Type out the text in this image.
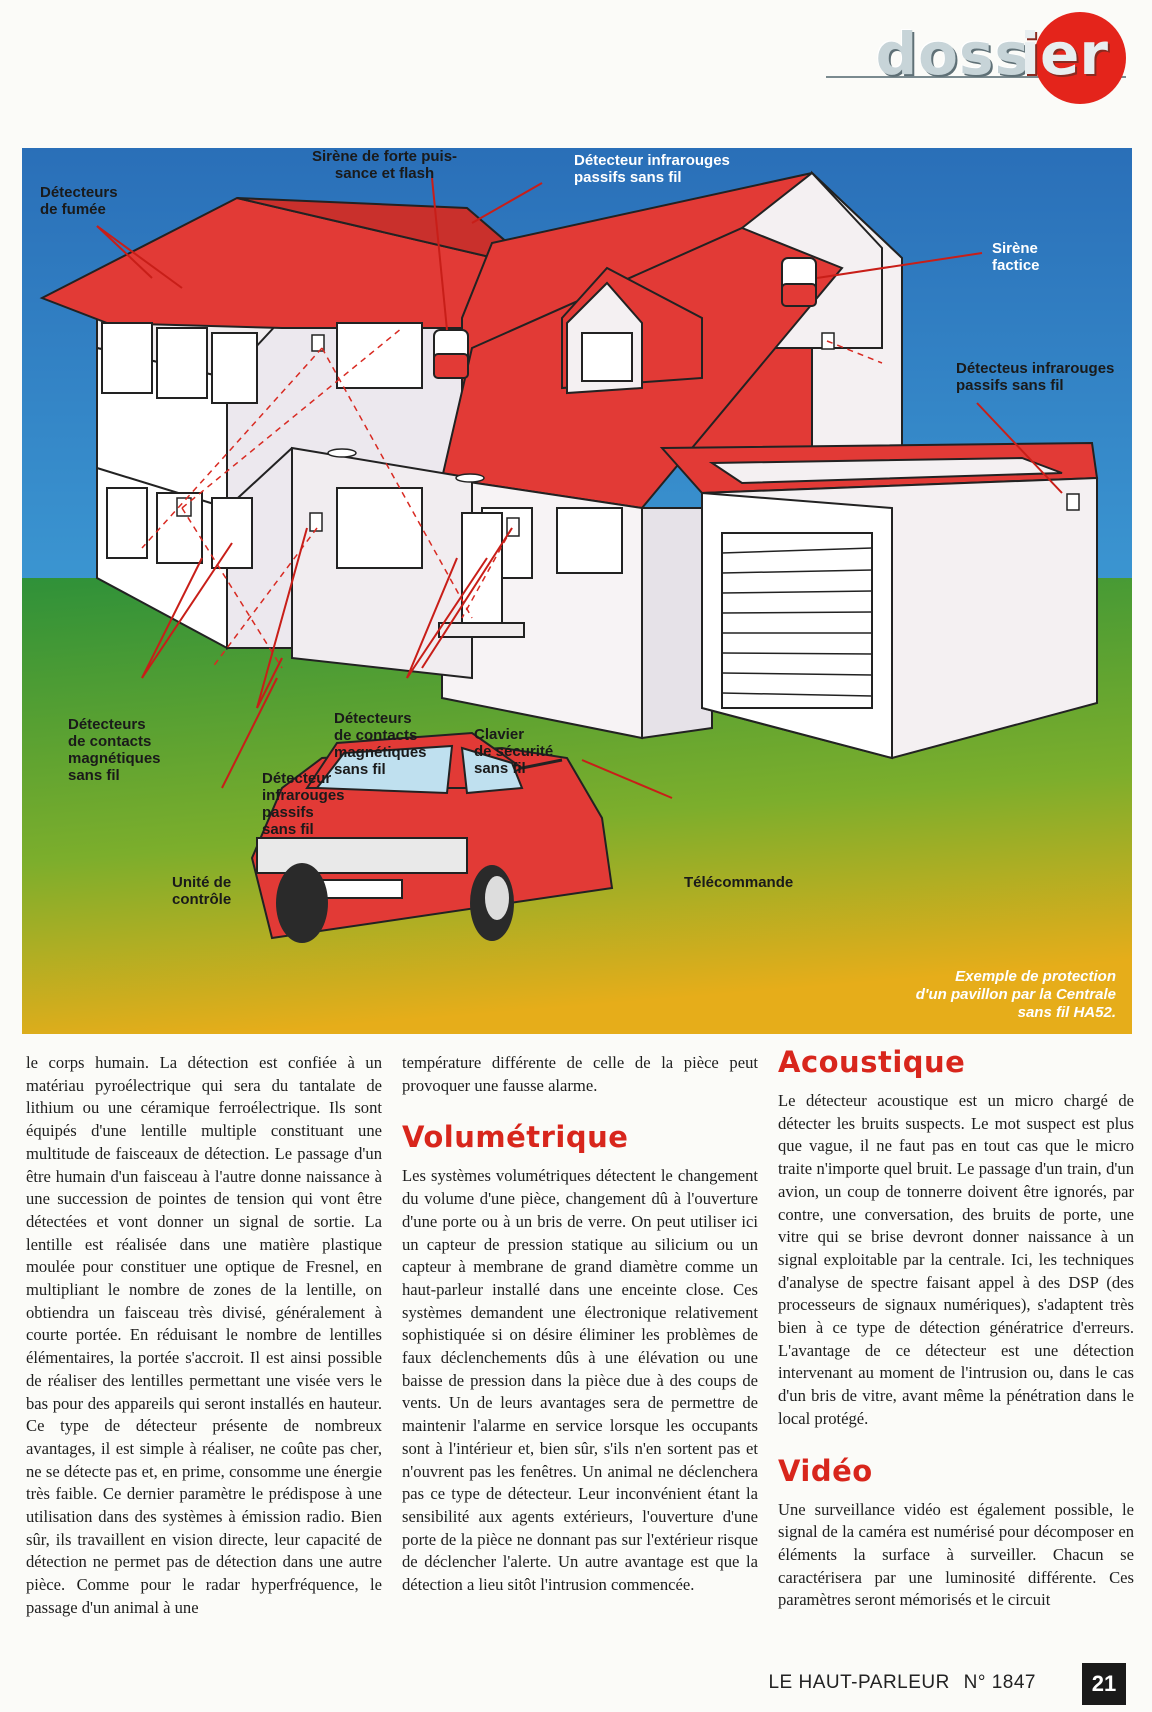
doss
ier
Détecteurs
de fumée
Sirène de forte puis-
sance et flash
Détecteur infrarouges
passifs sans fil
Sirène
factice
Détecteus infrarouges
passifs sans fil
Détecteurs
de contacts
magnétiques
sans fil
Détecteurs
de contacts
magnétiques
sans fil
Détecteur
infrarouges
passifs
sans fil
Clavier
de sécurité
sans fil
Unité de
contrôle
Télécommande
Exemple de protection
d'un pavillon par la Centrale
sans fil HA52.

le corps humain. La détection est confiée à un matériau pyroélectrique qui sera du tantalate de lithium ou une céramique ferroélectrique. Ils sont équipés d'une lentille multiple constituant une multitude de faisceaux de détection. Le passage d'un être humain d'un faisceau à l'autre donne naissance à une succession de pointes de tension qui vont être détectées et vont donner un signal de sortie. La lentille est réalisée dans une matière plastique moulée pour constituer une optique de Fresnel, en multipliant le nombre de zones de la lentille, on obtiendra un faisceau très divisé, généralement à courte portée. En réduisant le nombre de lentilles élémentaires, la portée s'accroit. Il est ainsi possible de réaliser des lentilles permettant une visée vers le bas pour des appareils qui seront installés en hauteur. Ce type de détecteur présente de nombreux avantages, il est simple à réaliser, ne coûte pas cher, ne se détecte pas et, en prime, consomme une énergie très faible. Ce dernier paramètre le prédispose à une utilisation dans des systèmes à émission radio. Bien sûr, ils travaillent en vision directe, leur capacité de détection ne permet pas de détection dans une autre pièce. Comme pour le radar hyperfréquence, le passage d'un animal à une

température différente de celle de la pièce peut provoquer une fausse alarme.

Volumétrique

Les systèmes volumétriques détectent le changement du volume d'une pièce, changement dû à l'ouverture d'une porte ou à un bris de verre. On peut utiliser ici un capteur de pression statique au silicium ou un capteur à membrane de grand diamètre comme un haut-parleur installé dans une enceinte close. Ces systèmes demandent une électronique relativement sophistiquée si on désire éliminer les problèmes de faux déclenchements dûs à une élévation ou une baisse de pression dans la pièce due à des coups de vents. Un de leurs avantages sera de permettre de maintenir l'alarme en service lorsque les occupants sont à l'intérieur et, bien sûr, s'ils n'en sortent pas et n'ouvrent pas les fenêtres. Un animal ne déclenchera pas ce type de détecteur. Leur inconvénient étant la sensibilité aux agents extérieurs, l'ouverture d'une porte de la pièce ne donnant pas sur l'extérieur risque de déclencher l'alerte. Un autre avantage est que la détection a lieu sitôt l'intrusion commencée.

Acoustique

Le détecteur acoustique est un micro chargé de détecter les bruits suspects. Le mot suspect est plus que vague, il ne faut pas en tout cas que le micro traite n'importe quel bruit. Le passage d'un train, d'un avion, un coup de tonnerre doivent être ignorés, par contre, une conversation, des bruits de porte, une vitre qui se brise devront donner naissance à un signal exploitable par la centrale. Ici, les techniques d'analyse de spectre faisant appel à des DSP (des processeurs de signaux numériques), s'adaptent très bien à ce type de détection génératrice d'erreurs. L'avantage de ce détecteur est une détection intervenant au moment de l'intrusion ou, dans le cas d'un bris de vitre, avant même la pénétration dans le local protégé.

Vidéo

Une surveillance vidéo est également possible, le signal de la caméra est numérisé pour décomposer en éléments la surface à surveiller. Chacun se caractérisera par une luminosité différente. Ces paramètres seront mémorisés et le circuit

LE HAUT-PARLEUR N° 1847	21
